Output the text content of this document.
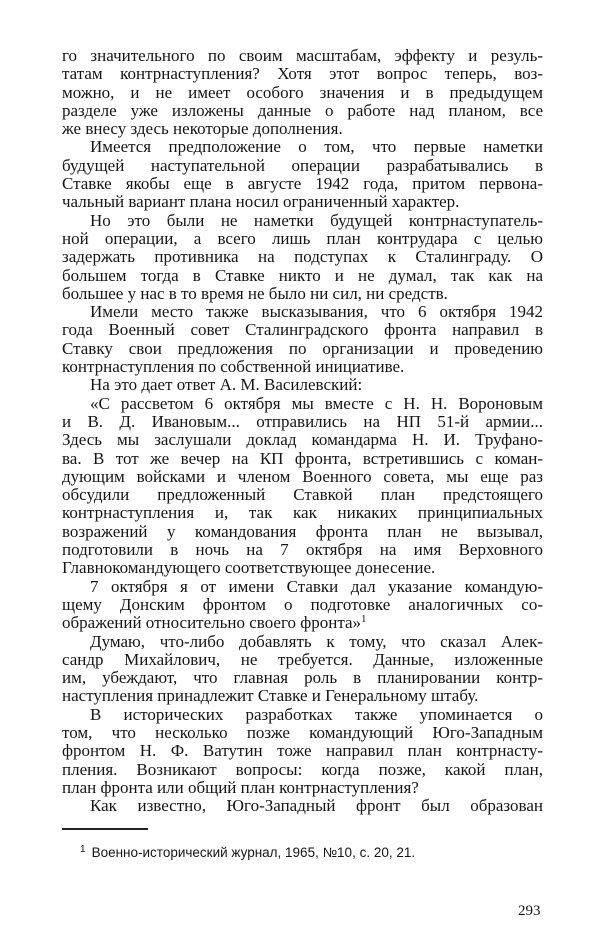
го значительного по своим масштабам, эффекту и резуль-
татам контрнаступления? Хотя этот вопрос теперь, воз-
можно, и не имеет особого значения и в предыдущем
разделе уже изложены данные о работе над планом, все
же внесу здесь некоторые дополнения.
Имеется предположение о том, что первые наметки
будущей наступательной операции разрабатывались в
Ставке якобы еще в августе 1942 года, притом первона-
чальный вариант плана носил ограниченный характер.
Но это были не наметки будущей контрнаступатель-
ной операции, а всего лишь план контрудара с целью
задержать противника на подступах к Сталинграду. О
большем тогда в Ставке никто и не думал, так как на
большее у нас в то время не было ни сил, ни средств.
Имели место также высказывания, что 6 октября 1942
года Военный совет Сталинградского фронта направил в
Ставку свои предложения по организации и проведению
контрнаступления по собственной инициативе.
На это дает ответ А. М. Василевский:
«С рассветом 6 октября мы вместе с Н. Н. Вороновым
и В. Д. Ивановым... отправились на НП 51-й армии...
Здесь мы заслушали доклад командарма Н. И. Труфано-
ва. В тот же вечер на КП фронта, встретившись с коман-
дующим войсками и членом Военного совета, мы еще раз
обсудили предложенный Ставкой план предстоящего
контрнаступления и, так как никаких принципиальных
возражений у командования фронта план не вызывал,
подготовили в ночь на 7 октября на имя Верховного
Главнокомандующего соответствующее донесение.
7 октября я от имени Ставки дал указание командую-
щему Донским фронтом о подготовке аналогичных со-
ображений относительно своего фронта»$^1$
Думаю, что-либо добавлять к тому, что сказал Алек-
сандр Михайлович, не требуется. Данные, изложенные
им, убеждают, что главная роль в планировании контр-
наступления принадлежит Ставке и Генеральному штабу.
В исторических разработках также упоминается о
том, что несколько позже командующий Юго-Западным
фронтом Н. Ф. Ватутин тоже направил план контрнасту-
пления. Возникают вопросы: когда позже, какой план,
план фронта или общий план контрнаступления?
Как известно, Юго-Западный фронт был образован
$^1$ Военно-исторический журнал, 1965, №10, с. 20, 21.
293
